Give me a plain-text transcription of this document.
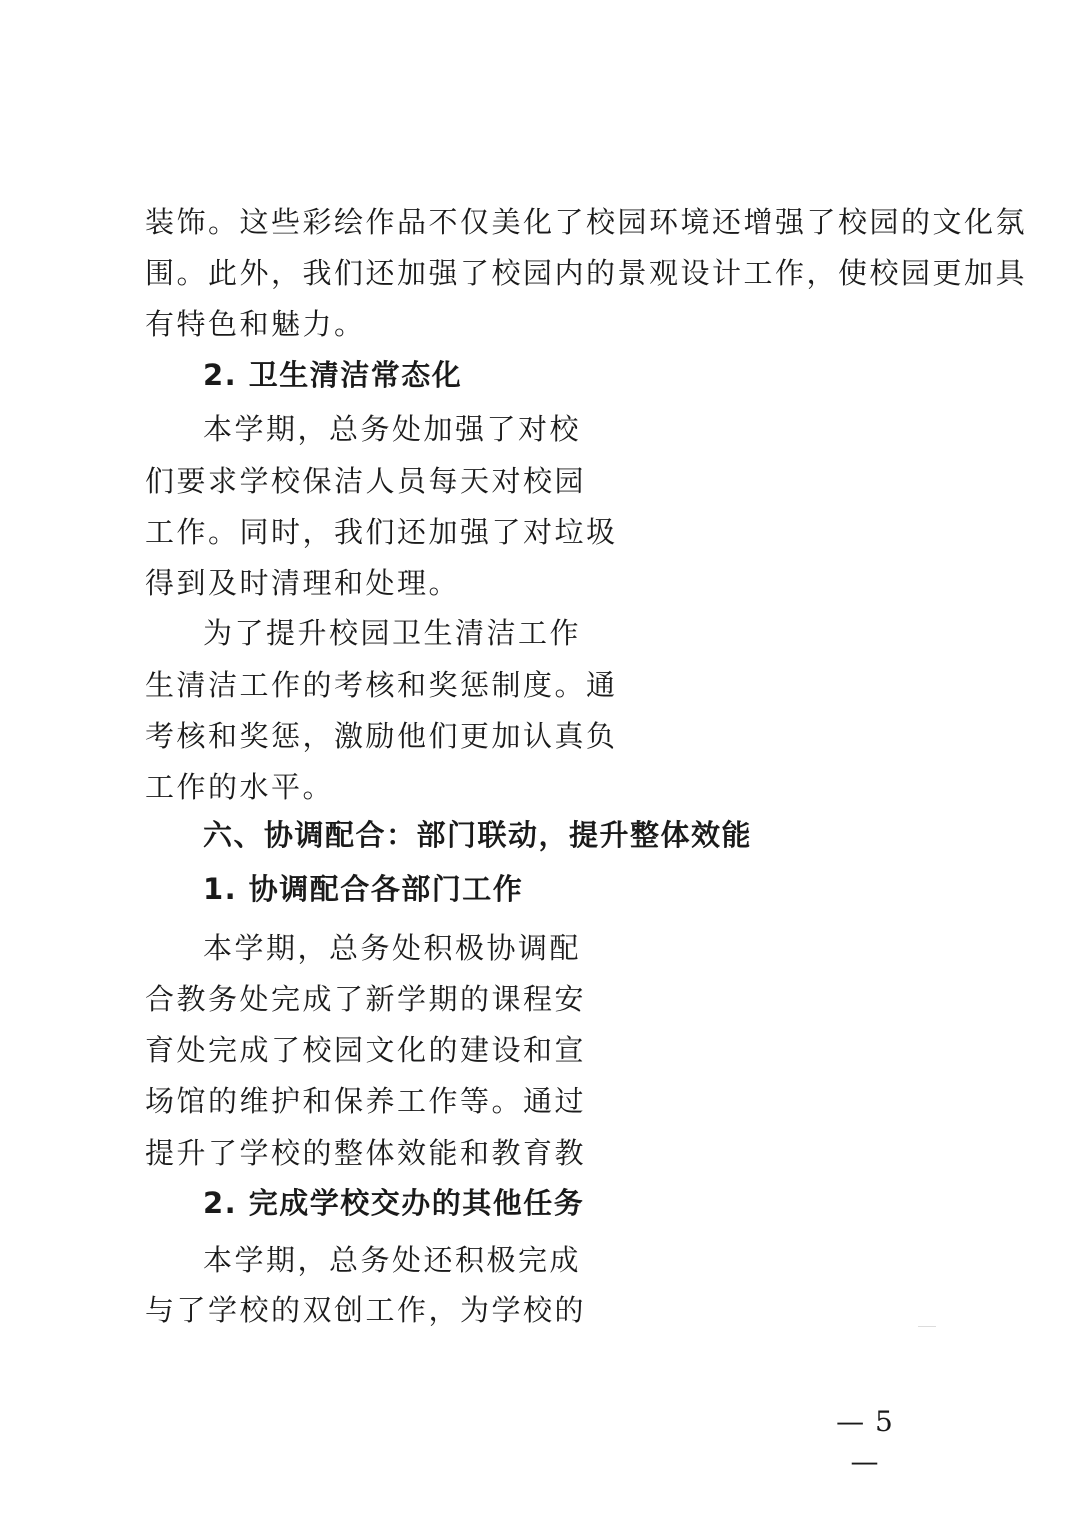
装饰。这些彩绘作品不仅美化了校园环境还增强了校园的文化氛
围。此外，我们还加强了校园内的景观设计工作，使校园更加具
有特色和魅力。
2. 卫生清洁常态化
本学期，总务处加强了对校
们要求学校保洁人员每天对校园
工作。同时，我们还加强了对垃圾
得到及时清理和处理。
为了提升校园卫生清洁工作
生清洁工作的考核和奖惩制度。通
考核和奖惩，激励他们更加认真负
工作的水平。
六、协调配合：部门联动，提升整体效能
1. 协调配合各部门工作
本学期，总务处积极协调配
合教务处完成了新学期的课程安
育处完成了校园文化的建设和宣
场馆的维护和保养工作等。通过
提升了学校的整体效能和教育教
2. 完成学校交办的其他任务
本学期，总务处还积极完成
与了学校的双创工作，为学校的
— 5 —
